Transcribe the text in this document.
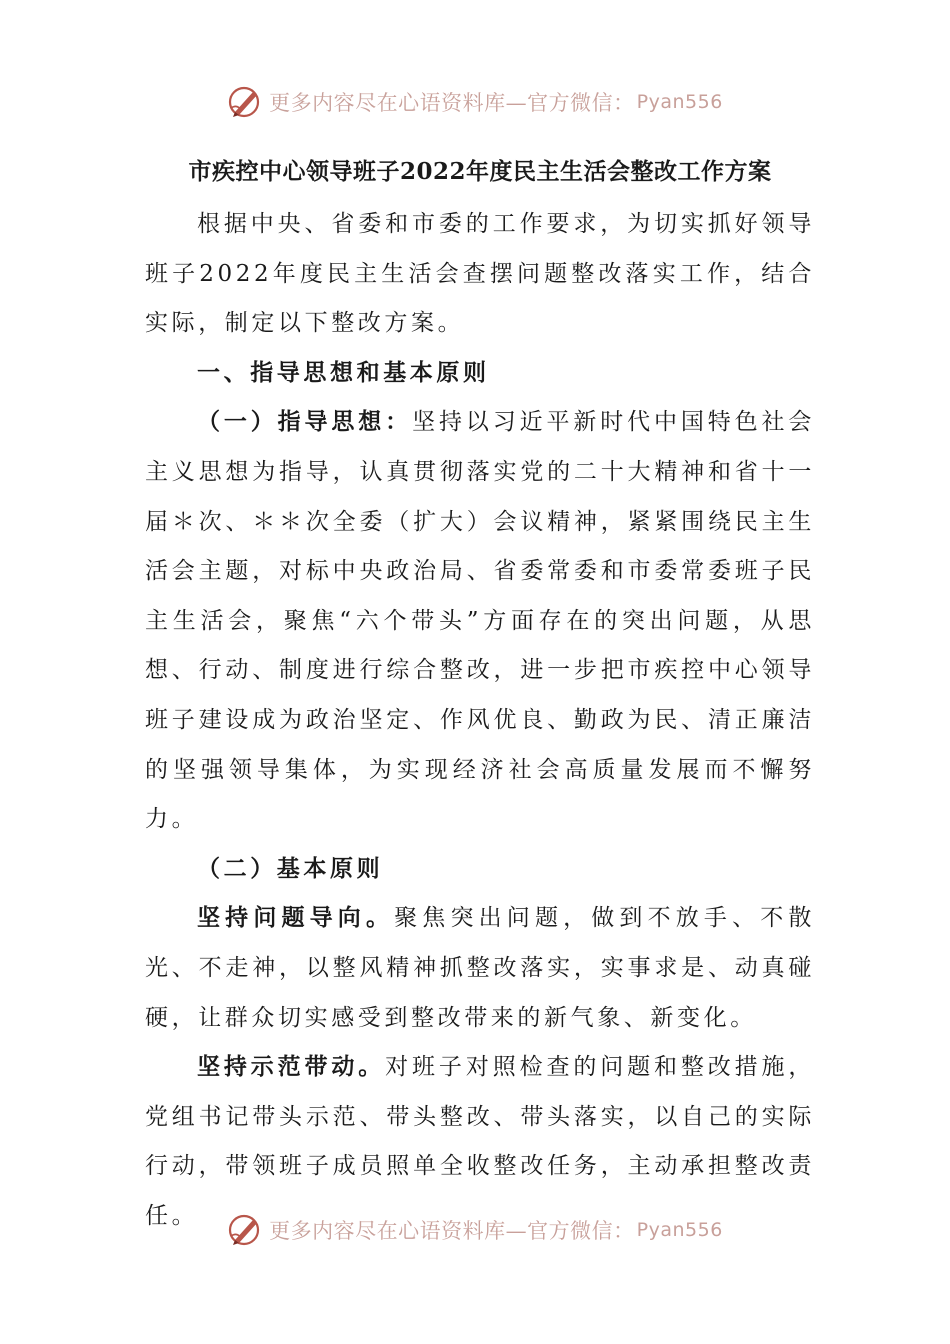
更多内容尽在心语资料库—官方微信： Pyan556
市疾控中心领导班子2022年度民主生活会整改工作方案

根据中央、省委和市委的工作要求，为切实抓好领导班子2022年度民主生活会查摆问题整改落实工作，结合实际，制定以下整改方案。

一、指导思想和基本原则

（一）指导思想：坚持以习近平新时代中国特色社会主义思想为指导，认真贯彻落实党的二十大精神和省十一届＊次、＊＊次全委（扩大）会议精神，紧紧围绕民主生活会主题，对标中央政治局、省委常委和市委常委班子民主生活会，聚焦“六个带头”方面存在的突出问题，从思想、行动、制度进行综合整改，进一步把市疾控中心领导班子建设成为政治坚定、作风优良、勤政为民、清正廉洁的坚强领导集体，为实现经济社会高质量发展而不懈努力。

（二）基本原则

坚持问题导向。聚焦突出问题，做到不放手、不散光、不走神，以整风精神抓整改落实，实事求是、动真碰硬，让群众切实感受到整改带来的新气象、新变化。

坚持示范带动。对班子对照检查的问题和整改措施，党组书记带头示范、带头整改、带头落实，以自己的实际行动，带领班子成员照单全收整改任务，主动承担整改责任。

更多内容尽在心语资料库—官方微信： Pyan556
